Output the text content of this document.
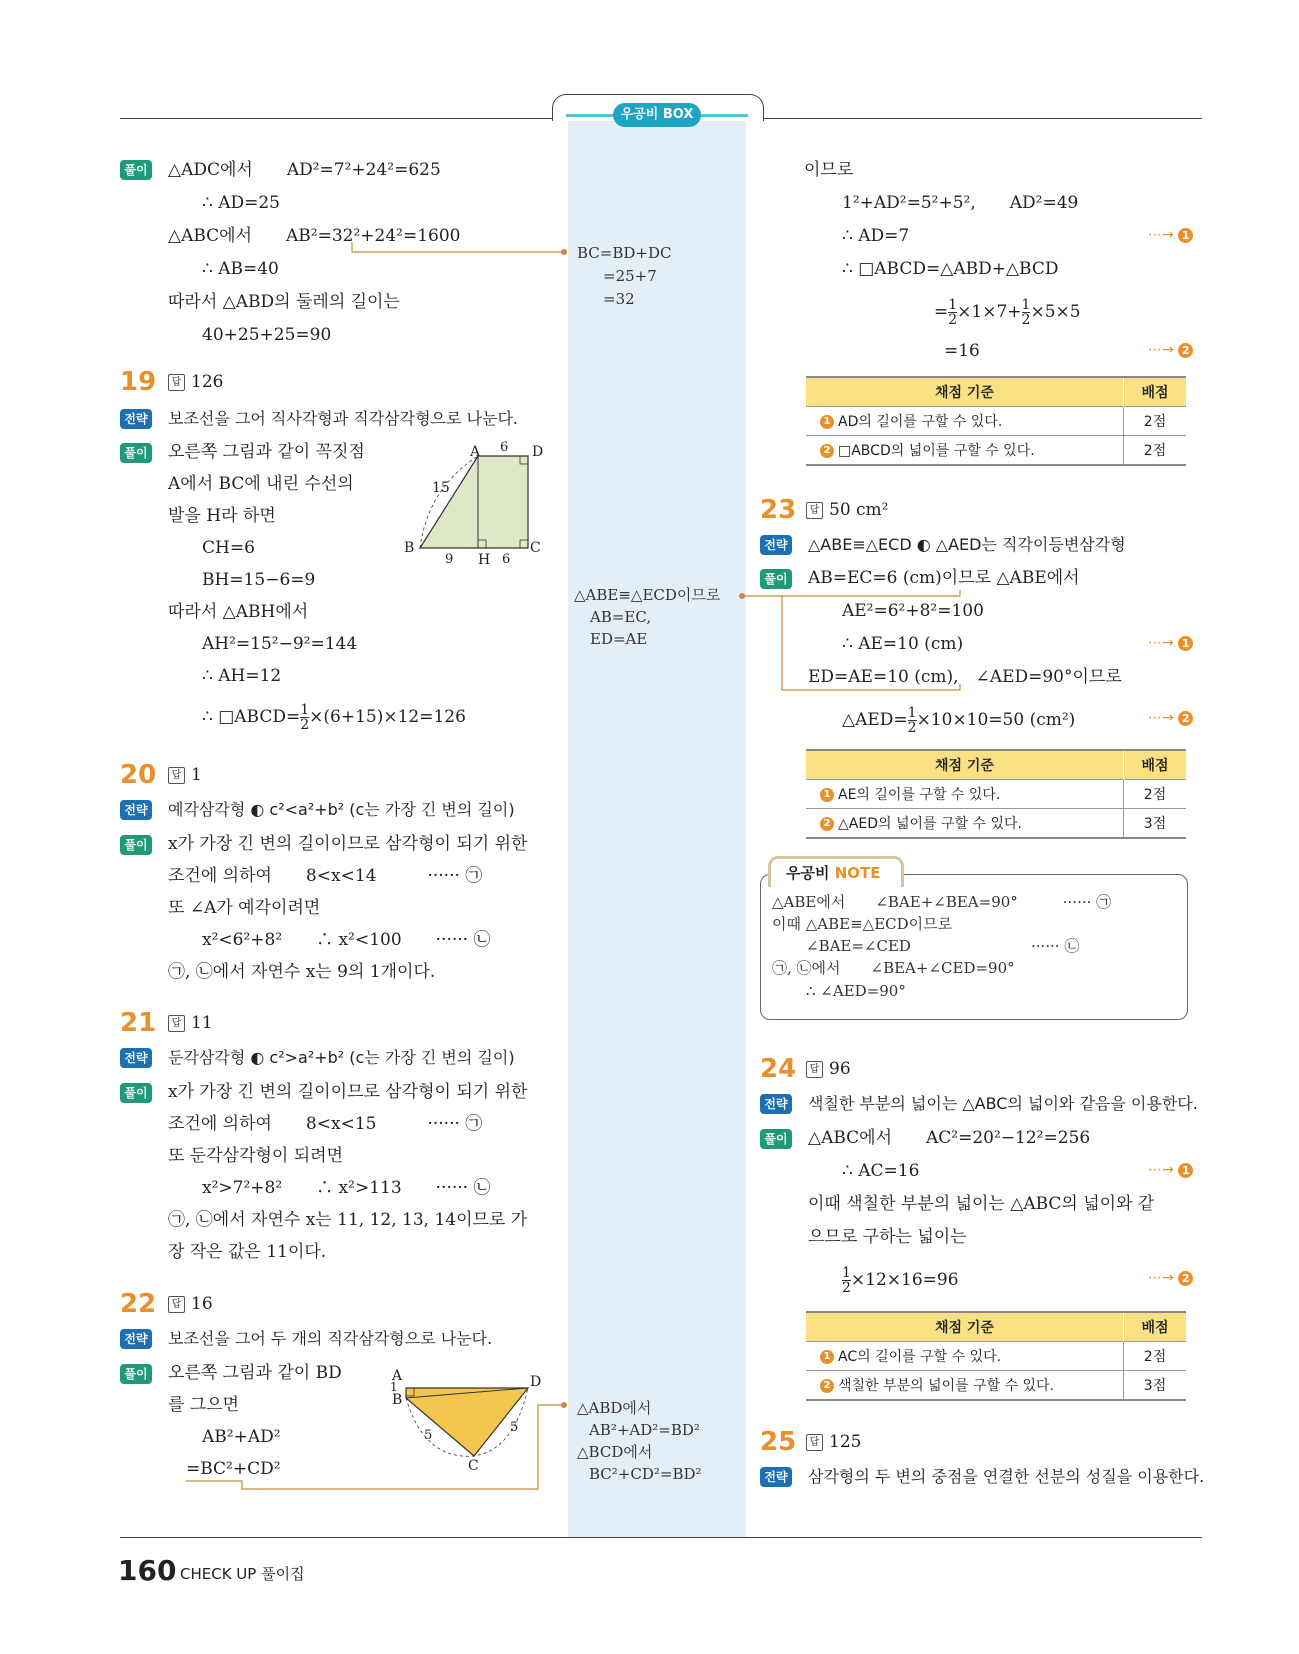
우공비 BOX
풀이 △ADC에서　　AD²=7²+24²=625
∴ AD=25
△ABC에서　　AB²=32²+24²=1600
∴ AB=40
따라서 △ABD의 둘레의 길이는
40+25+25=90
BC=BD+DC
=25+7
=32
19	답 126
전략 보조선을 그어 직사각형과 직각삼각형으로 나눈다.
풀이 오른쪽 그림과 같이 꼭짓점
A에서 BC에 내린 수선의
발을 H라 하면
CH=6
BH=15−6=9
따라서 △ABH에서
AH²=15²−9²=144
∴ AH=12
∴ □ABCD= $\frac{1}{2} \times(6+15)\times 12=126$
A	D
B	C
H
15
6
9	6
20	답 1
전략 예각삼각형 ◐ c²<a²+b² (c는 가장 긴 변의 길이)
풀이 x가 가장 긴 변의 길이이므로 삼각형이 되기 위한
조건에 의하여　　8<x<14　　　······ ㉠
또 ∠A가 예각이려면
x²<6²+8²　　∴ x²<100　　······ ㉡
㉠, ㉡에서 자연수 x는 9의 1개이다.
21	답 11
전략 둔각삼각형 ◐ c²>a²+b² (c는 가장 긴 변의 길이)
풀이 x가 가장 긴 변의 길이이므로 삼각형이 되기 위한
조건에 의하여　　8<x<15　　　······ ㉠
또 둔각삼각형이 되려면
x²>7²+8²　　∴ x²>113　　······ ㉡
㉠, ㉡에서 자연수 x는 11, 12, 13, 14이므로 가
장 작은 값은 11이다.
22	답 16
전략 보조선을 그어 두 개의 직각삼각형으로 나눈다.
풀이 오른쪽 그림과 같이 BD
를 그으면
AB²+AD²
=BC²+CD²
A
B
D
C
1
5
5
△ABD에서
AB²+AD²=BD²
△BCD에서
BC²+CD²=BD²
△ABE≡△ECD이므로
AB=EC,
ED=AE
이므로
1²+AD²=5²+5²,　　AD²=49
∴ AD=7	⋯→ 1
∴ □ABCD=△ABD+△BCD
= $\frac{1}{2} \times 1\times 7+ \frac{1}{2} \times 5\times 5$
=16	⋯→ 2
채점 기준	배점
1 AD의 길이를 구할 수 있다.	2점
2 □ABCD의 넓이를 구할 수 있다.	2점
23	답 50 cm²
전략 △ABE≡△ECD ◐ △AED는 직각이등변삼각형
풀이 AB=EC=6 (cm)이므로 △ABE에서
AE²=6²+8²=100
∴ AE=10 (cm)	⋯→ 1
ED=AE=10 (cm),　∠AED=90°이므로
△AED= $\frac{1}{2} \times 10\times 10=50$ (cm²)	⋯→ 2
채점 기준	배점
1 AE의 길이를 구할 수 있다.	2점
2 △AED의 넓이를 구할 수 있다.	3점
우공비 NOTE
△ABE에서　　∠BAE+∠BEA=90°　　　······ ㉠
이때 △ABE≡△ECD이므로
∠BAE=∠CED　　　　　　　　······ ㉡
㉠, ㉡에서　　∠BEA+∠CED=90°
∴ ∠AED=90°
24	답 96
전략 색칠한 부분의 넓이는 △ABC의 넓이와 같음을 이용한다.
풀이 △ABC에서　　AC²=20²−12²=256
∴ AC=16	⋯→ 1
이때 색칠한 부분의 넓이는 △ABC의 넓이와 같
으므로 구하는 넓이는
$\frac{1}{2} \times 12\times 16=96$	⋯→ 2
채점 기준	배점
1 AC의 길이를 구할 수 있다.	2점
2 색칠한 부분의 넓이를 구할 수 있다.	3점
25	답 125
전략 삼각형의 두 변의 중점을 연결한 선분의 성질을 이용한다.
160 CHECK UP 풀이집
